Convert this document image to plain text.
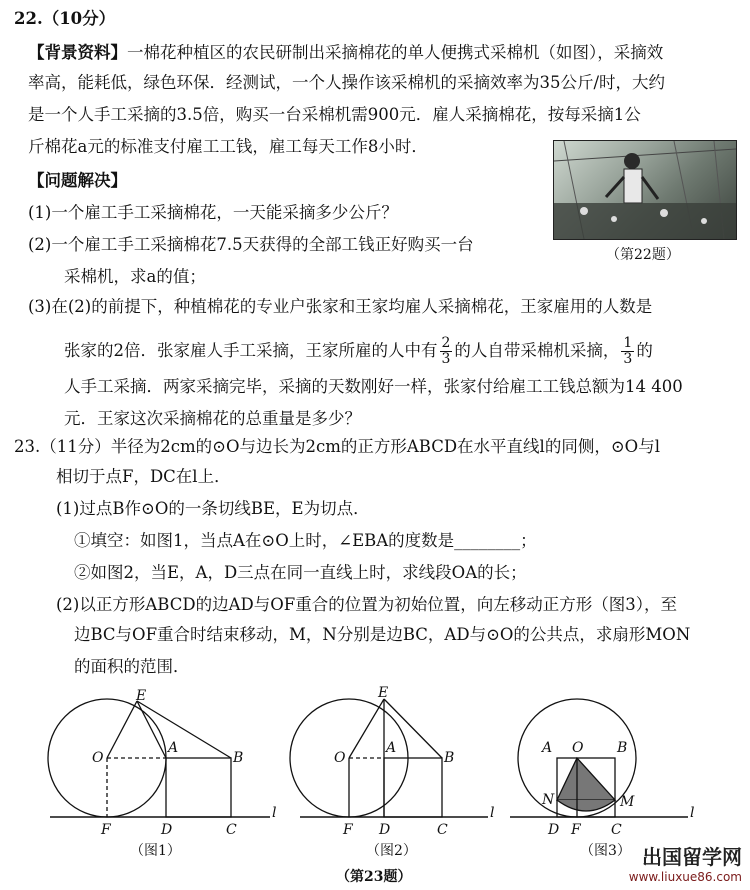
22.（10分）
【背景资料】一棉花种植区的农民研制出采摘棉花的单人便携式采棉机（如图），采摘效
率高，能耗低，绿色环保．经测试，一个人操作该采棉机的采摘效率为35公斤/时，大约
是一个人手工采摘的3.5倍，购买一台采棉机需900元．雇人采摘棉花，按每采摘1公
斤棉花a元的标准支付雇工工钱，雇工每天工作8小时．
【问题解决】
(1)一个雇工手工采摘棉花，一天能采摘多少公斤？
(2)一个雇工手工采摘棉花7.5天获得的全部工钱正好购买一台
采棉机，求a的值；
(3)在(2)的前提下，种植棉花的专业户张家和王家均雇人采摘棉花，王家雇用的人数是
张家的2倍．张家雇人手工采摘，王家所雇的人中有 $\frac{2}{3}$ 的人自带采棉机采摘， $\frac{1}{3}$ 的
人手工采摘．两家采摘完毕，采摘的天数刚好一样，张家付给雇工工钱总额为14 400
元．王家这次采摘棉花的总重量是多少？
（第22题）
23.（11分）半径为2cm的⊙O与边长为2cm的正方形ABCD在水平直线l的同侧，⊙O与l
相切于点F，DC在l上．
(1)过点B作⊙O的一条切线BE，E为切点．
①填空：如图1，当点A在⊙O上时，∠EBA的度数是________；
②如图2，当E，A，D三点在同一直线上时，求线段OA的长；
(2)以正方形ABCD的边AD与OF重合的位置为初始位置，向左移动正方形（图3），至
边BC与OF重合时结束移动，M，N分别是边BC，AD与⊙O的公共点，求扇形MON
的面积的范围．
E
O
A
B
F	D	C
l
E
O
A
B
F D	C
l
A O B
N	M
D F C
l
（图1）	（图2）	（图3）
（第23题）
出国留学网
www.liuxue86.com
